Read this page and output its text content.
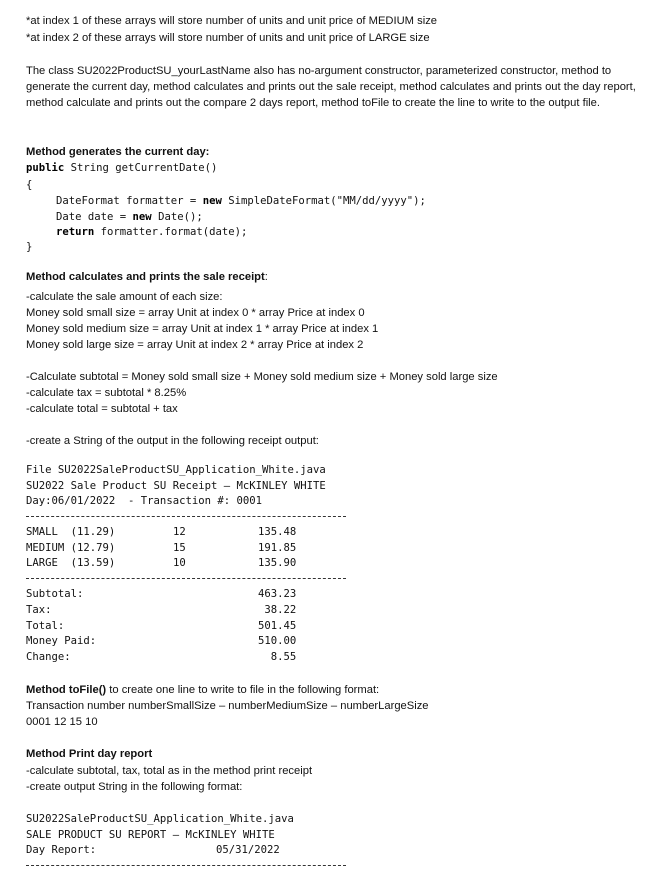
*at index 1 of these arrays will store number of units and unit price of MEDIUM size
*at index 2 of these arrays will store number of units and unit price of LARGE size
The class SU2022ProductSU_yourLastName also has no-argument constructor, parameterized constructor, method to generate the current day, method calculates and prints out the sale receipt, method calculates and prints out the day report, method calculate and prints out the compare 2 days report, method toFile to create the line to write to the output file.
Method generates the current day:
public String getCurrentDate()
{
DateFormat formatter = new SimpleDateFormat("MM/dd/yyyy");
Date date = new Date();
return formatter.format(date);
}
Method calculates and prints the sale receipt:
-calculate the sale amount of each size:
Money sold small size = array Unit at index 0 * array Price at index 0
Money sold medium size = array Unit at index 1 * array Price at index 1
Money sold large size = array Unit at index 2 * array Price at index 2
-Calculate subtotal = Money sold small size + Money sold medium size + Money sold large size
-calculate tax = subtotal * 8.25%
-calculate total = subtotal + tax
-create a String of the output in the following receipt output:
File SU2022SaleProductSU_Application_White.java
SU2022 Sale Product SU Receipt – McKINLEY WHITE
Day:06/01/2022  - Transaction #: 0001
SMALL  (11.29)	12	135.48
MEDIUM (12.79)	15	191.85
LARGE  (13.59)	10	135.90
Subtotal:	463.23
Tax:	38.22
Total:	501.45
Money Paid:	510.00
Change:	8.55
Method toFile() to create one line to write to file in the following format:
Transaction number numberSmallSize – numberMediumSize – numberLargeSize
0001 12 15 10
Method Print day report
-calculate subtotal, tax, total as in the method print receipt
-create output String in the following format:
SU2022SaleProductSU_Application_White.java
SALE PRODUCT SU REPORT – McKINLEY WHITE
Day Report:	05/31/2022
